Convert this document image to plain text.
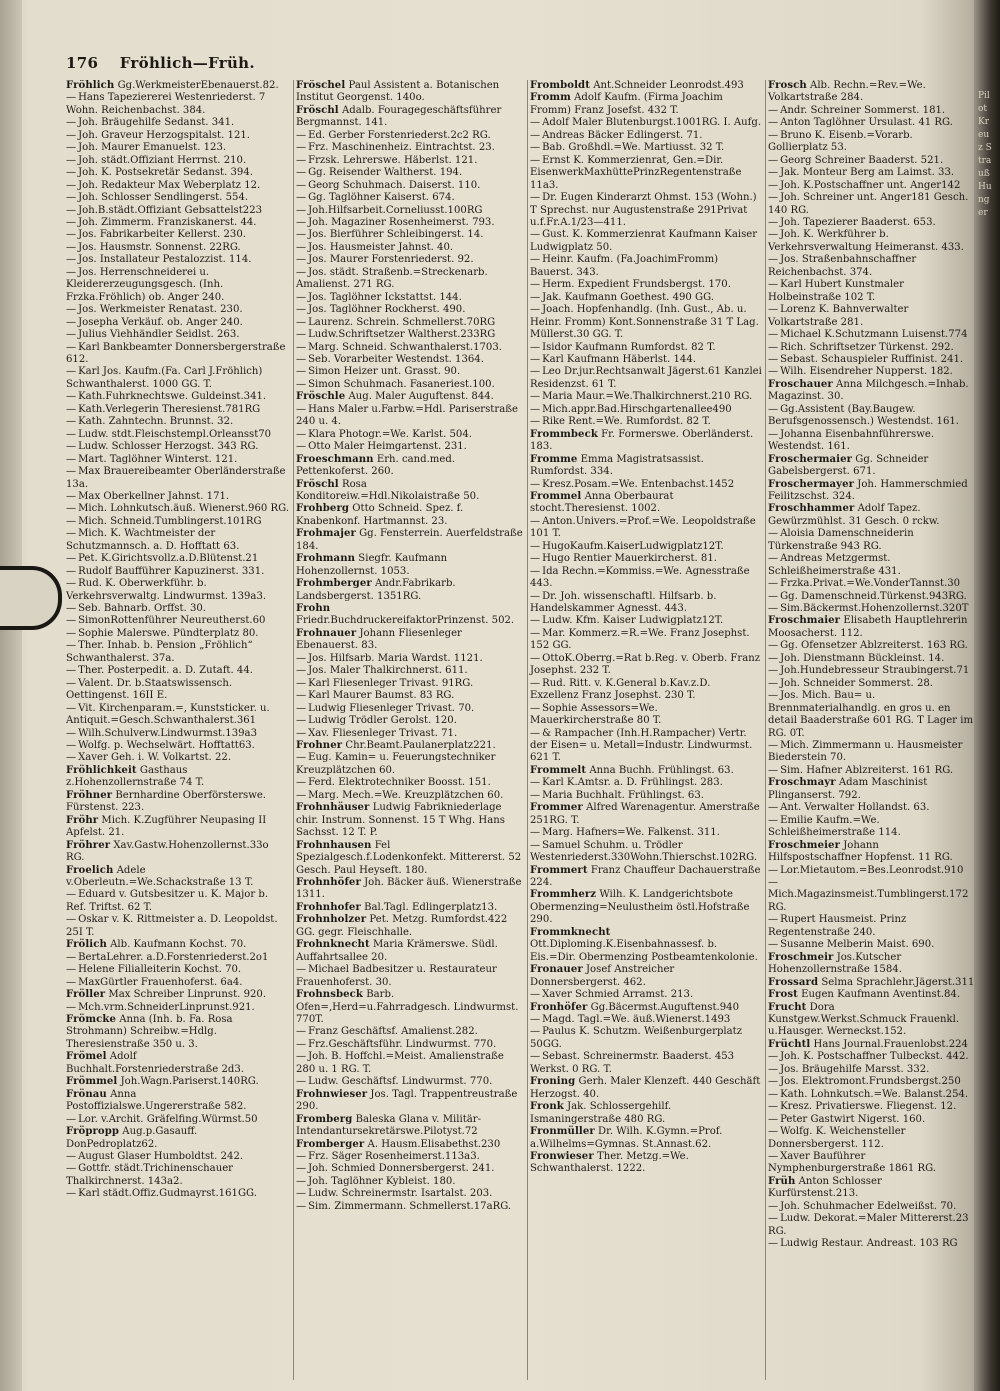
176 Fröhlich—Früh.

Fröhlich Gg.WerkmeisterEbenauerst.82.

— Hans Tapeziererei Westenriederst. 7 Wohn. Reichenbachst. 384.

— Joh. Bräugehilfe Sedanst. 341.

— Joh. Graveur Herzogspitalst. 121.

— Joh. Maurer Emanuelst. 123.

— Joh. städt.Offiziant Herrnst. 210.

— Joh. K. Postsekretär Sedanst. 394.

— Joh. Redakteur Max Weberplatz 12.

— Joh. Schlosser Sendlingerst. 554.

— Joh.B.städt.Offiziant Gebsattelst223

— Joh. Zimmerm. Franziskanerst. 44.

— Jos. Fabrikarbeiter Kellerst. 230.

— Jos. Hausmstr. Sonnenst. 22RG.

— Jos. Installateur Pestalozzist. 114.

— Jos. Herrenschneiderei u. Kleidererzeugungsgesch. (Inh. Frzka.Fröhlich) ob. Anger 240.

— Jos. Werkmeister Renatast. 230.

— Josepha Verkäuf. ob. Anger 240.

— Julius Viehhändler Seidlst. 263.

— Karl Bankbeamter Donnersbergerstraße 612.

— Karl Jos. Kaufm.(Fa. Carl J.Fröhlich) Schwanthalerst. 1000 GG. T.

— Kath.Fuhrknechtswe. Guldeinst.341.

— Kath.Verlegerin Theresienst.781RG

— Kath. Zahntechn. Brunnst. 32.

— Ludw. stdt.Fleischstempl.Orleansst70

— Ludw. Schlosser Herzogst. 343 RG.

— Mart. Taglöhner Winterst. 121.

— Max Brauereibeamter Oberländerstraße 13a.

— Max Oberkellner Jahnst. 171.

— Mich. Lohnkutsch.äuß. Wienerst.960 RG.

— Mich. Schneid.Tumblingerst.101RG

— Mich. K. Wachtmeister der Schutzmannsch. a. D. Hofftatt 63.

— Pet. K.Girichtsvollz.a.D.Blütenst.21

— Rudolf Baufführer Kapuzinerst. 331.

— Rud. K. Oberwerkführ. b. Verkehrsverwaltg. Lindwurmst. 139a3.

— Seb. Bahnarb. Orffst. 30.

— SimonRottenführer Neureutherst.60

— Sophie Malerswe. Pündterplatz 80.

— Ther. Inhab. b. Pension „Fröhlich“ Schwanthalerst. 37a.

— Ther. Posterpedit. a. D. Zutaft. 44.

— Valent. Dr. b.Staatswissensch. Oettingenst. 16II E.

— Vit. Kirchenparam.=, Kunststicker. u. Antiquit.=Gesch.Schwanthalerst.361

— Wilh.Schulverw.Lindwurmst.139a3

— Wolfg. p. Wechselwärt. Hofftatt63.

— Xaver Geh. i. W. Volkartst. 22.

Fröhlichkeit Gasthaus z.Hohenzollernstraße 74 T.

Fröhner Bernhardine Oberförsterswe. Fürstenst. 223.

Fröhr Mich. K.Zugführer Neupasing II Apfelst. 21.

Fröhrer Xav.Gastw.Hohenzollernst.33o RG.

Froelich Adele v.Oberleutn.=We.Schackstraße 13 T.

— Eduard v. Gutsbesitzer u. K. Major b. Ref. Triftst. 62 T.

— Oskar v. K. Rittmeister a. D. Leopoldst. 25I T.

Frölich Alb. Kaufmann Kochst. 70.

— BertaLehrer. a.D.Forstenriederst.2o1

— Helene Filialleiterin Kochst. 70.

— MaxGürtler Frauenhoferst. 6a4.

Fröller Max Schreiber Linprunst. 920.

— Mch.vrm.SchneiderLinprunst.921.

Frömcke Anna (Inh. b. Fa. Rosa Strohmann) Schreibw.=Hdlg. Theresienstraße 350 u. 3.

Frömel Adolf Buchhalt.Forstenriederstraße 2d3.

Frömmel Joh.Wagn.Pariserst.140RG.

Frönau Anna Postoffizialswe.Ungererstraße 582.

— Lor. v.Archit. Gräfelfing.Würmst.50

Fröpropp Aug.p.Gasauff. DonPedroplatz62.

— August Glaser Humboldtst. 242.

— Gottfr. städt.Trichinenschauer Thalkirchnerst. 143a2.

— Karl städt.Offiz.Gudmayrst.161GG.

Fröschel Paul Assistent a. Botanischen Institut Georgenst. 140o.

Fröschl Adalb. Fouragegeschäftsführer Bergmannst. 141.

— Ed. Gerber Forstenriederst.2c2 RG.

— Frz. Maschinenheiz. Eintrachtst. 23.

— Frzsk. Lehrerswe. Häberlst. 121.

— Gg. Reisender Waltherst. 194.

— Georg Schuhmach. Daiserst. 110.

— Gg. Taglöhner Kaiserst. 674.

— Joh.Hilfsarbeit.Corneliusst.100RG

— Joh. Magaziner Rosenheimerst. 793.

— Jos. Bierführer Schleibingerst. 14.

— Jos. Hausmeister Jahnst. 40.

— Jos. Maurer Forstenriederst. 92.

— Jos. städt. Straßenb.=Streckenarb. Amalienst. 271 RG.

— Jos. Taglöhner Ickstattst. 144.

— Jos. Taglöhner Rockherst. 490.

— Laurenz. Schrein. Schmellerst.70RG

— Ludw.Schriftsetzer Waltherst.233RG

— Marg. Schneid. Schwanthalerst.1703.

— Seb. Vorarbeiter Westendst. 1364.

— Simon Heizer unt. Grasst. 90.

— Simon Schuhmach. Fasaneriest.100.

Fröschle Aug. Maler Auguftenst. 844.

— Hans Maler u.Farbw.=Hdl. Pariserstraße 240 u. 4.

— Klara Photogr.=We. Karlst. 504.

— Otto Maler Heimgartenst. 231.

Froeschmann Erh. cand.med. Pettenkoferst. 260.

Fröschl Rosa Konditoreiw.=Hdl.Nikolaistraße 50.

Frohberg Otto Schneid. Spez. f. Knabenkonf. Hartmannst. 23.

Frohmajer Gg. Fensterrein. Auerfeldstraße 184.

Frohmann Siegfr. Kaufmann Hohenzollernst. 1053.

Frohmberger Andr.Fabrikarb. Landsbergerst. 1351RG.

Frohn Friedr.BuchdruckereifaktorPrinzenst. 502.

Frohnauer Johann Fliesenleger Ebenauerst. 83.

— Jos. Hilfsarb. Maria Wardst. 1121.

— Jos. Maler Thalkirchnerst. 611.

— Karl Fliesenleger Trivast. 91RG.

— Karl Maurer Baumst. 83 RG.

— Ludwig Fliesenleger Trivast. 70.

— Ludwig Trödler Gerolst. 120.

— Xav. Fliesenleger Trivast. 71.

Frohner Chr.Beamt.Paulanerplatz221.

— Eug. Kamin= u. Feuerungstechniker Kreuzplätzchen 60.

— Ferd. Elektrotechniker Boosst. 151.

— Marg. Mech.=We. Kreuzplätzchen 60.

Frohnhäuser Ludwig Fabrikniederlage chir. Instrum. Sonnenst. 15 T Whg. Hans Sachsst. 12 T. P.

Frohnhausen Fel Spezialgesch.f.Lodenkonfekt. Mittererst. 52 Gesch. Paul Heyseft. 180.

Frohnhöfer Joh. Bäcker äuß. Wienerstraße 1311.

Frohnhofer Bal.Tagl. Edlingerplatz13.

Frohnholzer Pet. Metzg. Rumfordst.422 GG. gegr. Fleischhalle.

Frohnknecht Maria Krämerswe. Südl. Auffahrtsallee 20.

— Michael Badbesitzer u. Restaurateur Frauenhoferst. 30.

Frohnsbeck Barb. Ofen=,Herd=u.Fahrradgesch. Lindwurmst. 770T.

— Franz Geschäftsf. Amalienst.282.

— Frz.Geschäftsführ. Lindwurmst. 770.

— Joh. B. Hoffchl.=Meist. Amalienstraße 280 u. 1 RG. T.

— Ludw. Geschäftsf. Lindwurmst. 770.

Frohnwieser Jos. Tagl. Trappentreustraße 290.

Fromberg Baleska Glana v. Militär-Intendantursekretärswe.Pilotyst.72

Fromberger A. Hausm.Elisabethst.230

— Frz. Säger Rosenheimerst.113a3.

— Joh. Schmied Donnersbergerst. 241.

— Joh. Taglöhner Kybleist. 180.

— Ludw. Schreinermstr. Isartalst. 203.

— Sim. Zimmermann. Schmellerst.17aRG.

Fromboldt Ant.Schneider Leonrodst.493

Fromm Adolf Kaufm. (Firma Joachim Fromm) Franz Josefst. 432 T.

— Adolf Maler Blutenburgst.1001RG. I. Aufg.

— Andreas Bäcker Edlingerst. 71.

— Bab. Großhdl.=We. Martiusst. 32 T.

— Ernst K. Kommerzienrat, Gen.=Dir. EisenwerkMaxhüttePrinzRegentenstraße 11a3.

— Dr. Eugen Kinderarzt Ohmst. 153 (Wohn.) T Sprechst. nur Augustenstraße 291Privat u.f.Fr.A.1/23—411.

— Gust. K. Kommerzienrat Kaufmann Kaiser Ludwigplatz 50.

— Heinr. Kaufm. (Fa.JoachimFromm) Bauerst. 343.

— Herm. Expedient Frundsbergst. 170.

— Jak. Kaufmann Goethest. 490 GG.

— Joach. Hopfenhandlg. (Inh. Gust., Ab. u. Heinr. Fromm) Kont.Sonnenstraße 31 T Lag. Müllerst.30 GG. T.

— Isidor Kaufmann Rumfordst. 82 T.

— Karl Kaufmann Häberlst. 144.

— Leo Dr.jur.Rechtsanwalt Jägerst.61 Kanzlei Residenzst. 61 T.

— Maria Maur.=We.Thalkirchnerst.210 RG.

— Mich.appr.Bad.Hirschgartenallee490

— Rike Rent.=We. Rumfordst. 82 T.

Frommbeck Fr. Formerswe. Oberländerst. 183.

Fromme Emma Magistratsassist. Rumfordst. 334.

— Kresz.Posam.=We. Entenbachst.1452

Frommel Anna Oberbaurat stocht.Theresienst. 1002.

— Anton.Univers.=Prof.=We. Leopoldstraße 101 T.

— HugoKaufm.KaiserLudwigplatz12T.

— Hugo Rentier Mauerkircherst. 81.

— Ida Rechn.=Kommiss.=We. Agnesstraße 443.

— Dr. Joh. wissenschaftl. Hilfsarb. b. Handelskammer Agnesst. 443.

— Ludw. Kfm. Kaiser Ludwigplatz12T.

— Mar. Kommerz.=R.=We. Franz Josephst. 152 GG.

— OttoK.Oberrg.=Rat b.Reg. v. Oberb. Franz Josephst. 232 T.

— Rud. Ritt. v. K.General b.Kav.z.D. Exzellenz Franz Josephst. 230 T.

— Sophie Assessors=We. Mauerkircherstraße 80 T.

— & Rampacher (Inh.H.Rampacher) Vertr. der Eisen= u. Metall=Industr. Lindwurmst. 621 T.

Frommelt Anna Buchh. Frühlingst. 63.

— Karl K.Amtsr. a. D. Frühlingst. 283.

— Maria Buchhalt. Frühlingst. 63.

Frommer Alfred Warenagentur. Amerstraße 251RG. T.

— Marg. Hafners=We. Falkenst. 311.

— Samuel Schuhm. u. Trödler Westenriederst.330Wohn.Thierschst.102RG.

Frommert Franz Chauffeur Dachauerstraße 224.

Frommherz Wilh. K. Landgerichtsbote Obermenzing=Neulustheim östl.Hofstraße 290.

Frommknecht Ott.Diploming.K.Eisenbahnassesf. b. Eis.=Dir. Obermenzing Postbeamtenkolonie.

Fronauer Josef Anstreicher Donnersbergerst. 462.

— Xaver Schmied Arramst. 213.

Fronhöfer Gg.Bäcermst.Auguftenst.940

— Magd. Tagl.=We. äuß.Wienerst.1493

— Paulus K. Schutzm. Weißenburgerplatz 50GG.

— Sebast. Schreinermstr. Baaderst. 453 Werkst. 0 RG. T.

Froning Gerh. Maler Klenzeft. 440 Geschäft Herzogst. 40.

Fronk Jak. Schlossergehilf. Ismaningerstraße 480 RG.

Fronmüller Dr. Wilh. K.Gymn.=Prof. a.Wilhelms=Gymnas. St.Annast.62.

Fronwieser Ther. Metzg.=We. Schwanthalerst. 1222.

Frosch Alb. Rechn.=Rev.=We. Volkartstraße 284.

— Andr. Schreiner Sommerst. 181.

— Anton Taglöhner Ursulast. 41 RG.

— Bruno K. Eisenb.=Vorarb. Gollierplatz 53.

— Georg Schreiner Baaderst. 521.

— Jak. Monteur Berg am Laimst. 33.

— Joh. K.Postschaffner unt. Anger142

— Joh. Schreiner unt. Anger181 Gesch. 140 RG.

— Joh. Tapezierer Baaderst. 653.

— Joh. K. Werkführer b. Verkehrsverwaltung Heimeranst. 433.

— Jos. Straßenbahnschaffner Reichenbachst. 374.

— Karl Hubert Kunstmaler Holbeinstraße 102 T.

— Lorenz K. Bahnverwalter Volkartstraße 281.

— Michael K.Schutzmann Luisenst.774

— Rich. Schriftsetzer Türkenst. 292.

— Sebast. Schauspieler Ruffinist. 241.

— Wilh. Eisendreher Nupperst. 182.

Froschauer Anna Milchgesch.=Inhab. Magazinst. 30.

— Gg.Assistent (Bay.Baugew. Berufsgenossensch.) Westendst. 161.

— Johanna Eisenbahnführerswe. Westendst. 161.

Froschermaier Gg. Schneider Gabelsbergerst. 671.

Froschermayer Joh. Hammerschmied Feilitzschst. 324.

Froschhammer Adolf Tapez. Gewürzmühlst. 31 Gesch. 0 rckw.

— Aloisia Damenschneiderin Türkenstraße 943 RG.

— Andreas Metzgermst. Schleißheimerstraße 431.

— Frzka.Privat.=We.VonderTannst.30

— Gg. Damenschneid.Türkenst.943RG.

— Sim.Bäckermst.Hohenzollernst.320T

Froschmaier Elisabeth Hauptlehrerin Moosacherst. 112.

— Gg. Ofensetzer Ablzreiterst. 163 RG.

— Joh. Dienstmann Bückleinst. 14.

— Joh.Hundebresseur Straubingerst.71

— Joh. Schneider Sommerst. 28.

— Jos. Mich. Bau= u. Brennmaterialhandlg. en gros u. en detail Baaderstraße 601 RG. T Lager im RG. 0T.

— Mich. Zimmermann u. Hausmeister Biederstein 70.

— Sim. Hafner Ablzreiterst. 161 RG.

Froschmayr Adam Maschinist Plinganserst. 792.

— Ant. Verwalter Hollandst. 63.

— Emilie Kaufm.=We. Schleißheimerstraße 114.

Froschmeier Johann Hilfspostschaffner Hopfenst. 11 RG.

— Lor.Mietautom.=Bes.Leonrodst.910

—Mich.Magazinsmeist.Tumblingerst.172 RG.

— Rupert Hausmeist. Prinz Regentenstraße 240.

— Susanne Melberin Maist. 690.

Froschmeir Jos.Kutscher Hohenzollernstraße 1584.

Frossard Selma Sprachlehr.Jägerst.311

Frost Eugen Kaufmann Aventinst.84.

Frucht Dora Kunstgew.Werkst.Schmuck Frauenkl. u.Hausger. Werneckst.152.

Früchtl Hans Journal.Frauenlobst.224

— Joh. K. Postschaffner Tulbeckst. 442.

— Jos. Bräugehilfe Marsst. 332.

— Jos. Elektromont.Frundsbergst.250

— Kath. Lohnkutsch.=We. Balanst.254.

— Kresz. Privatierswe. Fliegenst. 12.

— Peter Gastwirt Nigerst. 160.

— Wolfg. K. Weichensteller Donnersbergerst. 112.

— Xaver Bauführer Nymphenburgerstraße 1861 RG.

Früh Anton Schlosser Kurfürstenst.213.

— Joh. Schuhmacher Edelweißst. 70.

— Ludw. Dekorat.=Maler Mittererst.23 RG.

— Ludwig Restaur. Andreast. 103 RG

Pilot Kreuz Strauß Hunger
